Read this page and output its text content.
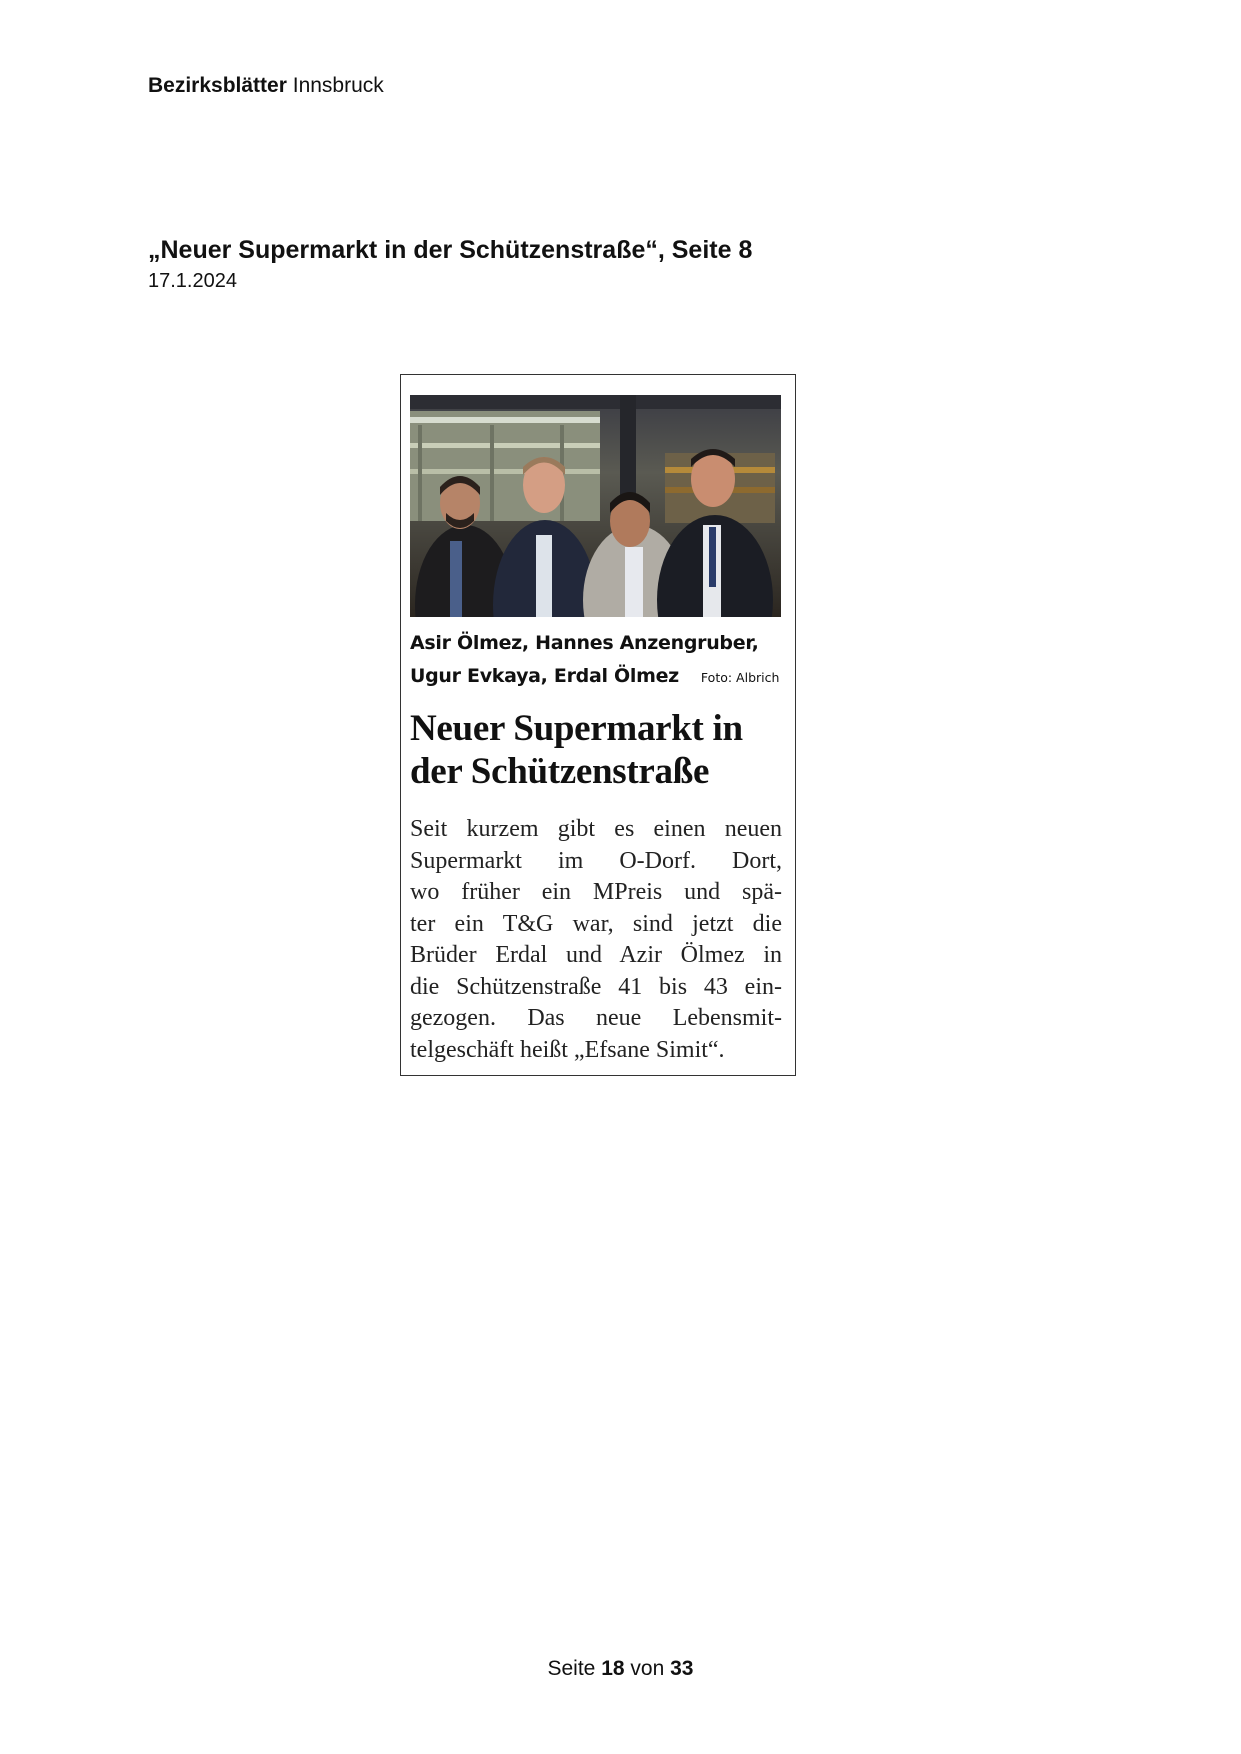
Bezirksblätter Innsbruck
„Neuer Supermarkt in der Schützenstraße“, Seite 8
17.1.2024
Asir Ölmez, Hannes Anzengruber,
Ugur Evkaya, Erdal Ölmez Foto: Albrich
Neuer Supermarkt in
der Schützenstraße

Seit kurzem gibt es einen neuen

Supermarkt im O-Dorf. Dort,

wo früher ein MPreis und spä-

ter ein T&G war, sind jetzt die

Brüder Erdal und Azir Ölmez in

die Schützenstraße 41 bis 43 ein-

gezogen. Das neue Lebensmit-

telgeschäft heißt „Efsane Simit“.

Seite 18 von 33
